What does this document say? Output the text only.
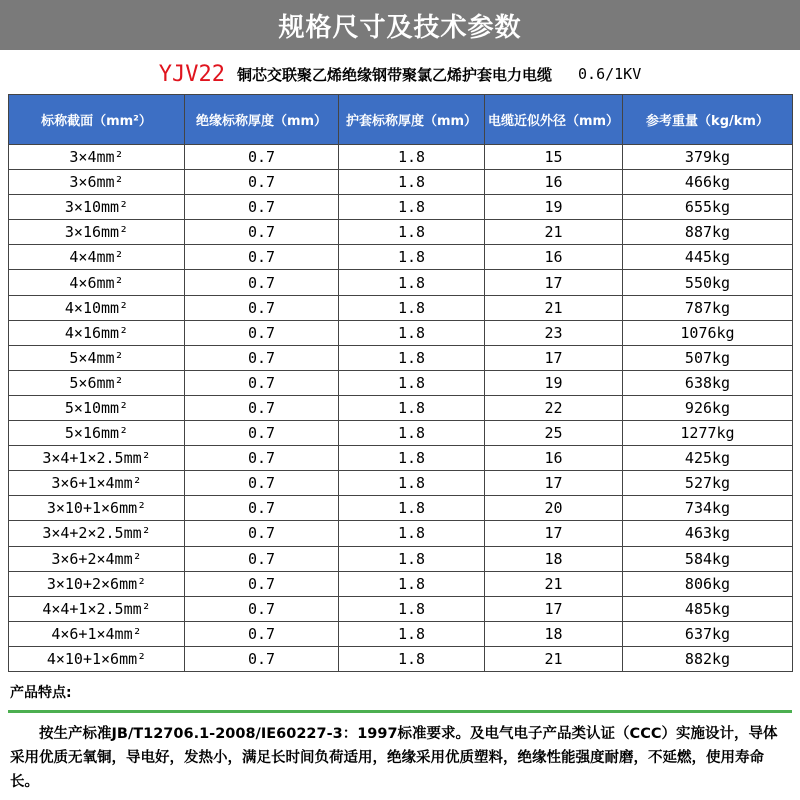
规格尺寸及技术参数
YJV22 铜芯交联聚乙烯绝缘钢带聚氯乙烯护套电力电缆 0.6/1KV
标称截面（mm²）	绝缘标称厚度（mm）	护套标称厚度（mm）	电缆近似外径（mm）	参考重量（kg/km）
3×4mm²	0.7	1.8	15	379kg
3×6mm²	0.7	1.8	16	466kg
3×10mm²	0.7	1.8	19	655kg
3×16mm²	0.7	1.8	21	887kg
4×4mm²	0.7	1.8	16	445kg
4×6mm²	0.7	1.8	17	550kg
4×10mm²	0.7	1.8	21	787kg
4×16mm²	0.7	1.8	23	1076kg
5×4mm²	0.7	1.8	17	507kg
5×6mm²	0.7	1.8	19	638kg
5×10mm²	0.7	1.8	22	926kg
5×16mm²	0.7	1.8	25	1277kg
3×4+1×2.5mm²	0.7	1.8	16	425kg
3×6+1×4mm²	0.7	1.8	17	527kg
3×10+1×6mm²	0.7	1.8	20	734kg
3×4+2×2.5mm²	0.7	1.8	17	463kg
3×6+2×4mm²	0.7	1.8	18	584kg
3×10+2×6mm²	0.7	1.8	21	806kg
4×4+1×2.5mm²	0.7	1.8	17	485kg
4×6+1×4mm²	0.7	1.8	18	637kg
4×10+1×6mm²	0.7	1.8	21	882kg
产品特点:
按生产标准JB/T12706.1-2008/IE60227-3：1997标准要求。及电气电子产品类认证（CCC）实施设计，导体采用优质无氧铜，导电好，发热小，满足长时间负荷适用，绝缘采用优质塑料，绝缘性能强度耐磨，不延燃，使用寿命长。
